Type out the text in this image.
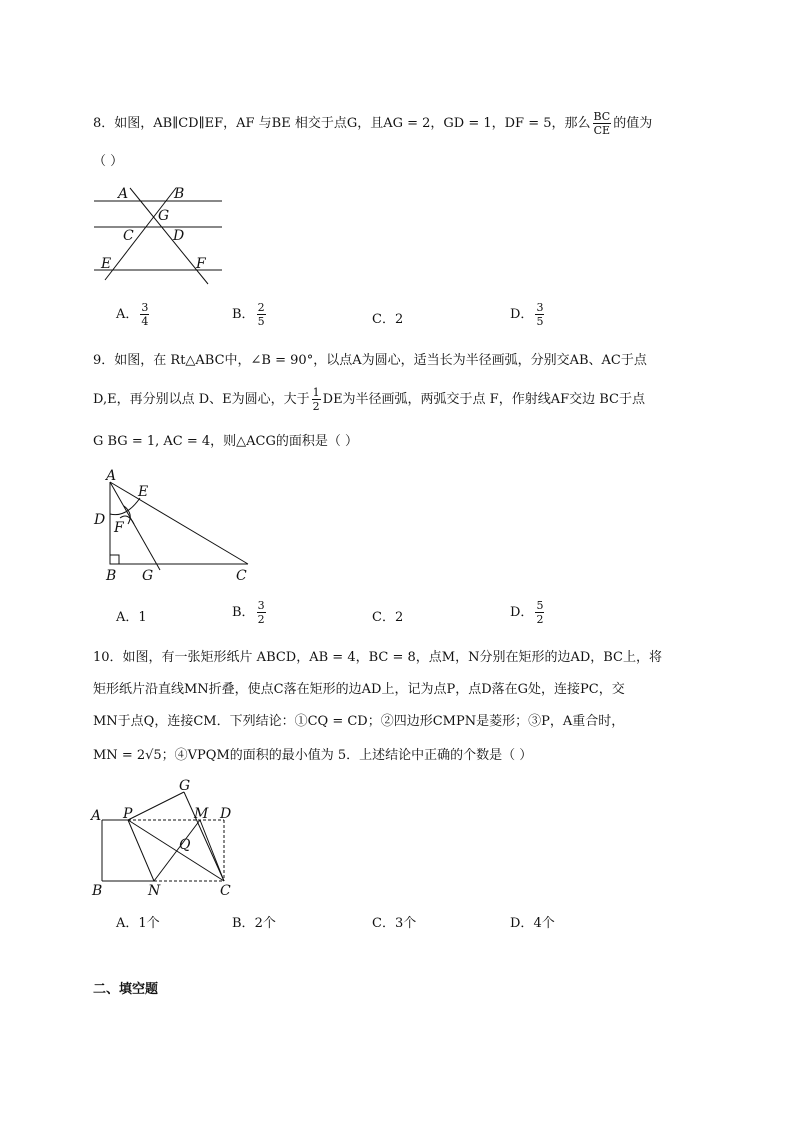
8．如图，AB∥CD∥EF，AF 与BE 相交于点G，且AG = 2，GD = 1，DF = 5，那么 $\frac{BC}{CE}$ 的值为
（ ）
A	B
G
C	D
E	F
A． $\frac{3}{4}$	B． $\frac{2}{5}$	C．2	D． $\frac{3}{5}$
9．如图，在 Rt△ABC中，∠B = 90°，以点A为圆心，适当长为半径画弧，分别交AB、AC于点
D,E，再分别以点 D、E为圆心，大于 $\frac{1}{2}$ DE为半径画弧，两弧交于点 F，作射线AF交边 BC于点
G BG = 1, AC = 4，则△ACG的面积是（ ）
A
E
D F
B G	C
A．1	B． $\frac{3}{2}$	C．2	D． $\frac{5}{2}$
10．如图，有一张矩形纸片 ABCD，AB = 4，BC = 8，点M，N分别在矩形的边AD，BC上，将
矩形纸片沿直线MN折叠，使点C落在矩形的边AD上，记为点P，点D落在G处，连接PC，交
MN于点Q，连接CM．下列结论：①CQ = CD；②四边形CMPN是菱形；③P，A重合时，
MN = 2√5；④VPQM的面积的最小值为 5．上述结论中正确的个数是（ ）
G
A P	M D
Q
B	N	C
A．1个	B．2个	C．3个	D．4个
二、填空题
